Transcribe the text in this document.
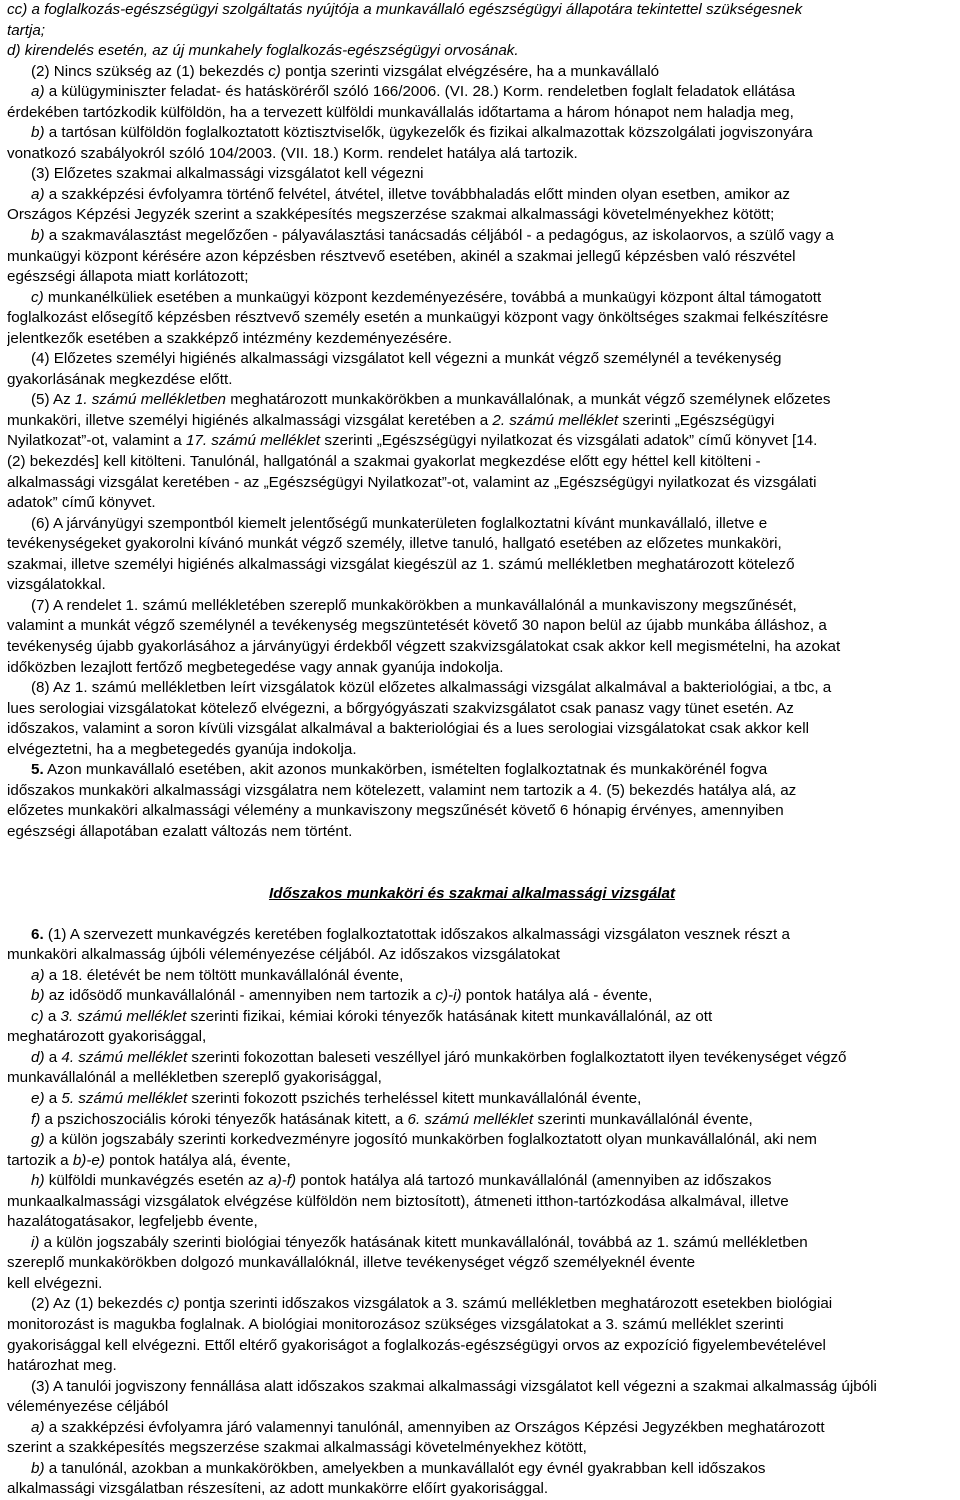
cc) a foglalkozás-egészségügyi szolgáltatás nyújtója a munkavállaló egészségügyi állapotára tekintettel szükségesnek
tartja;
d) kirendelés esetén, az új munkahely foglalkozás-egészségügyi orvosának.
(2) Nincs szükség az (1) bekezdés c) pontja szerinti vizsgálat elvégzésére, ha a munkavállaló
a) a külügyminiszter feladat- és hatásköréről szóló 166/2006. (VI. 28.) Korm. rendeletben foglalt feladatok ellátása
érdekében tartózkodik külföldön, ha a tervezett külföldi munkavállalás időtartama a három hónapot nem haladja meg,
b) a tartósan külföldön foglalkoztatott köztisztviselők, ügykezelők és fizikai alkalmazottak közszolgálati jogviszonyára
vonatkozó szabályokról szóló 104/2003. (VII. 18.) Korm. rendelet hatálya alá tartozik.
(3) Előzetes szakmai alkalmassági vizsgálatot kell végezni
a) a szakképzési évfolyamra történő felvétel, átvétel, illetve továbbhaladás előtt minden olyan esetben, amikor az
Országos Képzési Jegyzék szerint a szakképesítés megszerzése szakmai alkalmassági követelményekhez kötött;
b) a szakmaválasztást megelőzően - pályaválasztási tanácsadás céljából - a pedagógus, az iskolaorvos, a szülő vagy a
munkaügyi központ kérésére azon képzésben résztvevő esetében, akinél a szakmai jellegű képzésben való részvétel
egészségi állapota miatt korlátozott;
c) munkanélküliek esetében a munkaügyi központ kezdeményezésére, továbbá a munkaügyi központ által támogatott
foglalkozást elősegítő képzésben résztvevő személy esetén a munkaügyi központ vagy önköltséges szakmai felkészítésre
jelentkezők esetében a szakképző intézmény kezdeményezésére.
(4) Előzetes személyi higiénés alkalmassági vizsgálatot kell végezni a munkát végző személynél a tevékenység
gyakorlásának megkezdése előtt.
(5) Az 1. számú mellékletben meghatározott munkakörökben a munkavállalónak, a munkát végző személynek előzetes
munkaköri, illetve személyi higiénés alkalmassági vizsgálat keretében a 2. számú melléklet szerinti „Egészségügyi
Nyilatkozat”-ot, valamint a 17. számú melléklet szerinti „Egészségügyi nyilatkozat és vizsgálati adatok” című könyvet [14.
(2) bekezdés] kell kitölteni. Tanulónál, hallgatónál a szakmai gyakorlat megkezdése előtt egy héttel kell kitölteni -
alkalmassági vizsgálat keretében - az „Egészségügyi Nyilatkozat”-ot, valamint az „Egészségügyi nyilatkozat és vizsgálati
adatok” című könyvet.
(6) A járványügyi szempontból kiemelt jelentőségű munkaterületen foglalkoztatni kívánt munkavállaló, illetve e
tevékenységeket gyakorolni kívánó munkát végző személy, illetve tanuló, hallgató esetében az előzetes munkaköri,
szakmai, illetve személyi higiénés alkalmassági vizsgálat kiegészül az 1. számú mellékletben meghatározott kötelező
vizsgálatokkal.
(7) A rendelet 1. számú mellékletében szereplő munkakörökben a munkavállalónál a munkaviszony megszűnését,
valamint a munkát végző személynél a tevékenység megszüntetését követő 30 napon belül az újabb munkába álláshoz, a
tevékenység újabb gyakorlásához a járványügyi érdekből végzett szakvizsgálatokat csak akkor kell megismételni, ha azokat
időközben lezajlott fertőző megbetegedése vagy annak gyanúja indokolja.
(8) Az 1. számú mellékletben leírt vizsgálatok közül előzetes alkalmassági vizsgálat alkalmával a bakteriológiai, a tbc, a
lues serologiai vizsgálatokat kötelező elvégezni, a bőrgyógyászati szakvizsgálatot csak panasz vagy tünet esetén. Az
időszakos, valamint a soron kívüli vizsgálat alkalmával a bakteriológiai és a lues serologiai vizsgálatokat csak akkor kell
elvégeztetni, ha a megbetegedés gyanúja indokolja.
5. Azon munkavállaló esetében, akit azonos munkakörben, ismételten foglalkoztatnak és munkakörénél fogva
időszakos munkaköri alkalmassági vizsgálatra nem kötelezett, valamint nem tartozik a 4. (5) bekezdés hatálya alá, az
előzetes munkaköri alkalmassági vélemény a munkaviszony megszűnését követő 6 hónapig érvényes, amennyiben
egészségi állapotában ezalatt változás nem történt.
Időszakos munkaköri és szakmai alkalmassági vizsgálat
6. (1) A szervezett munkavégzés keretében foglalkoztatottak időszakos alkalmassági vizsgálaton vesznek részt a
munkaköri alkalmasság újbóli véleményezése céljából. Az időszakos vizsgálatokat
a) a 18. életévét be nem töltött munkavállalónál évente,
b) az idősödő munkavállalónál - amennyiben nem tartozik a c)-i) pontok hatálya alá - évente,
c) a 3. számú melléklet szerinti fizikai, kémiai kóroki tényezők hatásának kitett munkavállalónál, az ott
meghatározott gyakorisággal,
d) a 4. számú melléklet szerinti fokozottan baleseti veszéllyel járó munkakörben foglalkoztatott ilyen tevékenységet végző
munkavállalónál a mellékletben szereplő gyakorisággal,
e) a 5. számú melléklet szerinti fokozott pszichés terheléssel kitett munkavállalónál évente,
f) a pszichoszociális kóroki tényezők hatásának kitett, a 6. számú melléklet szerinti munkavállalónál évente,
g) a külön jogszabály szerinti korkedvezményre jogosító munkakörben foglalkoztatott olyan munkavállalónál, aki nem
tartozik a b)-e) pontok hatálya alá, évente,
h) külföldi munkavégzés esetén az a)-f) pontok hatálya alá tartozó munkavállalónál (amennyiben az időszakos
munkaalkalmassági vizsgálatok elvégzése külföldön nem biztosított), átmeneti itthon-tartózkodása alkalmával, illetve
hazalátogatásakor, legfeljebb évente,
i) a külön jogszabály szerinti biológiai tényezők hatásának kitett munkavállalónál, továbbá az 1. számú mellékletben
szereplő munkakörökben dolgozó munkavállalóknál, illetve tevékenységet végző személyeknél évente
kell elvégezni.
(2) Az (1) bekezdés c) pontja szerinti időszakos vizsgálatok a 3. számú mellékletben meghatározott esetekben biológiai
monitorozást is magukba foglalnak. A biológiai monitorozásoz szükséges vizsgálatokat a 3. számú melléklet szerinti
gyakorisággal kell elvégezni. Ettől eltérő gyakoriságot a foglalkozás-egészségügyi orvos az expozíció figyelembevételével
határozhat meg.
(3) A tanulói jogviszony fennállása alatt időszakos szakmai alkalmassági vizsgálatot kell végezni a szakmai alkalmasság újbóli
véleményezése céljából
a) a szakképzési évfolyamra járó valamennyi tanulónál, amennyiben az Országos Képzési Jegyzékben meghatározott
szerint a szakképesítés megszerzése szakmai alkalmassági követelményekhez kötött,
b) a tanulónál, azokban a munkakörökben, amelyekben a munkavállalót egy évnél gyakrabban kell időszakos
alkalmassági vizsgálatban részesíteni, az adott munkakörre előírt gyakorisággal.
